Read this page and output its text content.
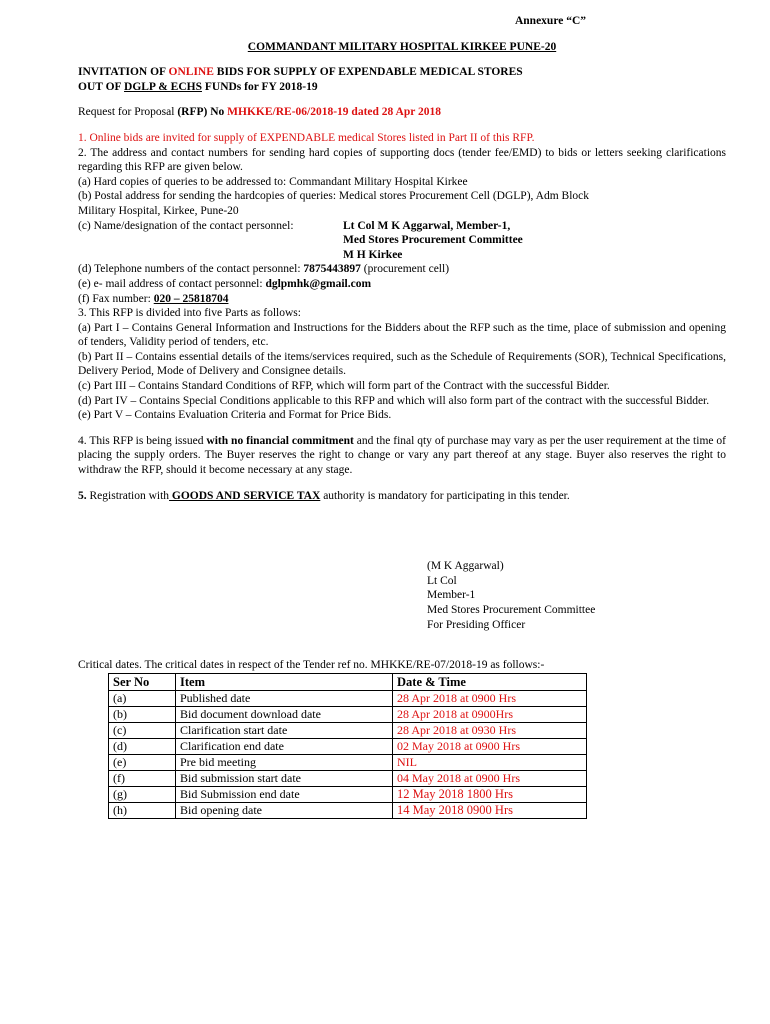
Annexure “C”
COMMANDANT MILITARY HOSPITAL KIRKEE PUNE-20
INVITATION OF ONLINE BIDS FOR SUPPLY OF EXPENDABLE MEDICAL STORES
OUT OF DGLP & ECHS FUNDs for FY 2018-19
Request for Proposal (RFP) No MHKKE/RE-06/2018-19 dated 28 Apr 2018
1. Online bids are invited for supply of EXPENDABLE medical Stores listed in Part II of this RFP.
2. The address and contact numbers for sending hard copies of supporting docs (tender fee/EMD) to bids or letters seeking clarifications regarding this RFP are given below.
(a) Hard copies of queries to be addressed to: Commandant Military Hospital Kirkee
(b) Postal address for sending the hardcopies of queries: Medical stores Procurement Cell (DGLP), Adm Block
Military Hospital, Kirkee, Pune-20
(c) Name/designation of the contact personnel:	Lt Col M K Aggarwal, Member-1,
Med Stores Procurement Committee
M H Kirkee
(d) Telephone numbers of the contact personnel: 7875443897 (procurement cell)
(e) e- mail address of contact personnel: dglpmhk@gmail.com
(f) Fax number: 020 – 25818704
3. This RFP is divided into five Parts as follows:
(a) Part I – Contains General Information and Instructions for the Bidders about the RFP such as the time, place of submission and opening of tenders, Validity period of tenders, etc.
(b) Part II – Contains essential details of the items/services required, such as the Schedule of Requirements (SOR), Technical Specifications, Delivery Period, Mode of Delivery and Consignee details.
(c) Part III – Contains Standard Conditions of RFP, which will form part of the Contract with the successful Bidder.
(d) Part IV – Contains Special Conditions applicable to this RFP and which will also form part of the contract with the successful Bidder.
(e) Part V – Contains Evaluation Criteria and Format for Price Bids.
4. This RFP is being issued with no financial commitment and the final qty of purchase may vary as per the user requirement at the time of placing the supply orders. The Buyer reserves the right to change or vary any part thereof at any stage. Buyer also reserves the right to withdraw the RFP, should it become necessary at any stage.
5. Registration with GOODS AND SERVICE TAX authority is mandatory for participating in this tender.
(M K Aggarwal)
Lt Col
Member-1
Med Stores Procurement Committee
For Presiding Officer
Critical dates. The critical dates in respect of the Tender ref no. MHKKE/RE-07/2018-19 as follows:-
Ser No	Item	Date & Time
(a)	Published date	28 Apr 2018 at 0900 Hrs
(b)	Bid document download date	28 Apr 2018 at 0900Hrs
(c)	Clarification start date	28 Apr 2018 at 0930 Hrs
(d)	Clarification end date	02 May 2018 at 0900 Hrs
(e)	Pre bid meeting	NIL
(f)	Bid submission start date	04 May 2018 at 0900 Hrs
(g)	Bid Submission end date	12 May 2018 1800 Hrs
(h)	Bid opening date	14 May 2018 0900 Hrs
